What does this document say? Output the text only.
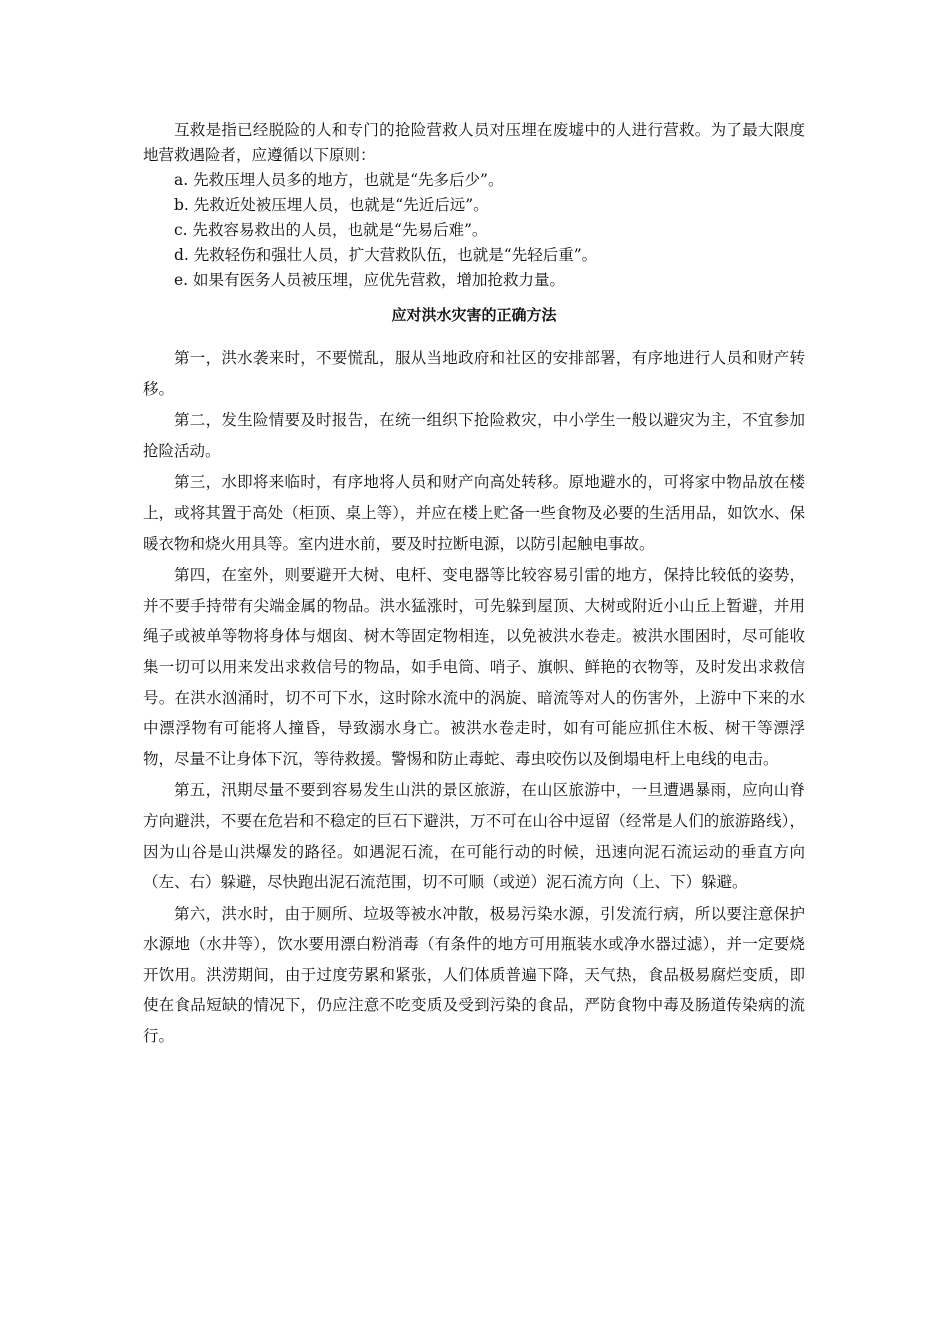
互救是指已经脱险的人和专门的抢险营救人员对压埋在废墟中的人进行营救。为了最大限度地营救遇险者，应遵循以下原则：

a. 先救压埋人员多的地方，也就是“先多后少”。
b. 先救近处被压埋人员，也就是“先近后远”。
c. 先救容易救出的人员，也就是“先易后难”。
d. 先救轻伤和强壮人员，扩大营救队伍，也就是“先轻后重”。
e. 如果有医务人员被压埋，应优先营救，增加抢救力量。
应对洪水灾害的正确方法

第一，洪水袭来时，不要慌乱，服从当地政府和社区的安排部署，有序地进行人员和财产转移。

第二，发生险情要及时报告，在统一组织下抢险救灾，中小学生一般以避灾为主，不宜参加抢险活动。

第三，水即将来临时，有序地将人员和财产向高处转移。原地避水的，可将家中物品放在楼上，或将其置于高处（柜顶、桌上等），并应在楼上贮备一些食物及必要的生活用品，如饮水、保暖衣物和烧火用具等。室内进水前，要及时拉断电源，以防引起触电事故。

第四，在室外，则要避开大树、电杆、变电器等比较容易引雷的地方，保持比较低的姿势，并不要手持带有尖端金属的物品。洪水猛涨时，可先躲到屋顶、大树或附近小山丘上暂避，并用绳子或被单等物将身体与烟囱、树木等固定物相连，以免被洪水卷走。被洪水围困时，尽可能收集一切可以用来发出求救信号的物品，如手电筒、哨子、旗帜、鲜艳的衣物等，及时发出求救信号。在洪水汹涌时，切不可下水，这时除水流中的涡旋、暗流等对人的伤害外，上游中下来的水中漂浮物有可能将人撞昏，导致溺水身亡。被洪水卷走时，如有可能应抓住木板、树干等漂浮物，尽量不让身体下沉，等待救援。警惕和防止毒蛇、毒虫咬伤以及倒塌电杆上电线的电击。

第五，汛期尽量不要到容易发生山洪的景区旅游，在山区旅游中，一旦遭遇暴雨，应向山脊方向避洪，不要在危岩和不稳定的巨石下避洪，万不可在山谷中逗留（经常是人们的旅游路线），因为山谷是山洪爆发的路径。如遇泥石流，在可能行动的时候，迅速向泥石流运动的垂直方向（左、右）躲避，尽快跑出泥石流范围，切不可顺（或逆）泥石流方向（上、下）躲避。

第六，洪水时，由于厕所、垃圾等被水冲散，极易污染水源，引发流行病，所以要注意保护水源地（水井等），饮水要用漂白粉消毒（有条件的地方可用瓶装水或净水器过滤），并一定要烧开饮用。洪涝期间，由于过度劳累和紧张，人们体质普遍下降，天气热，食品极易腐烂变质，即使在食品短缺的情况下，仍应注意不吃变质及受到污染的食品，严防食物中毒及肠道传染病的流行。
